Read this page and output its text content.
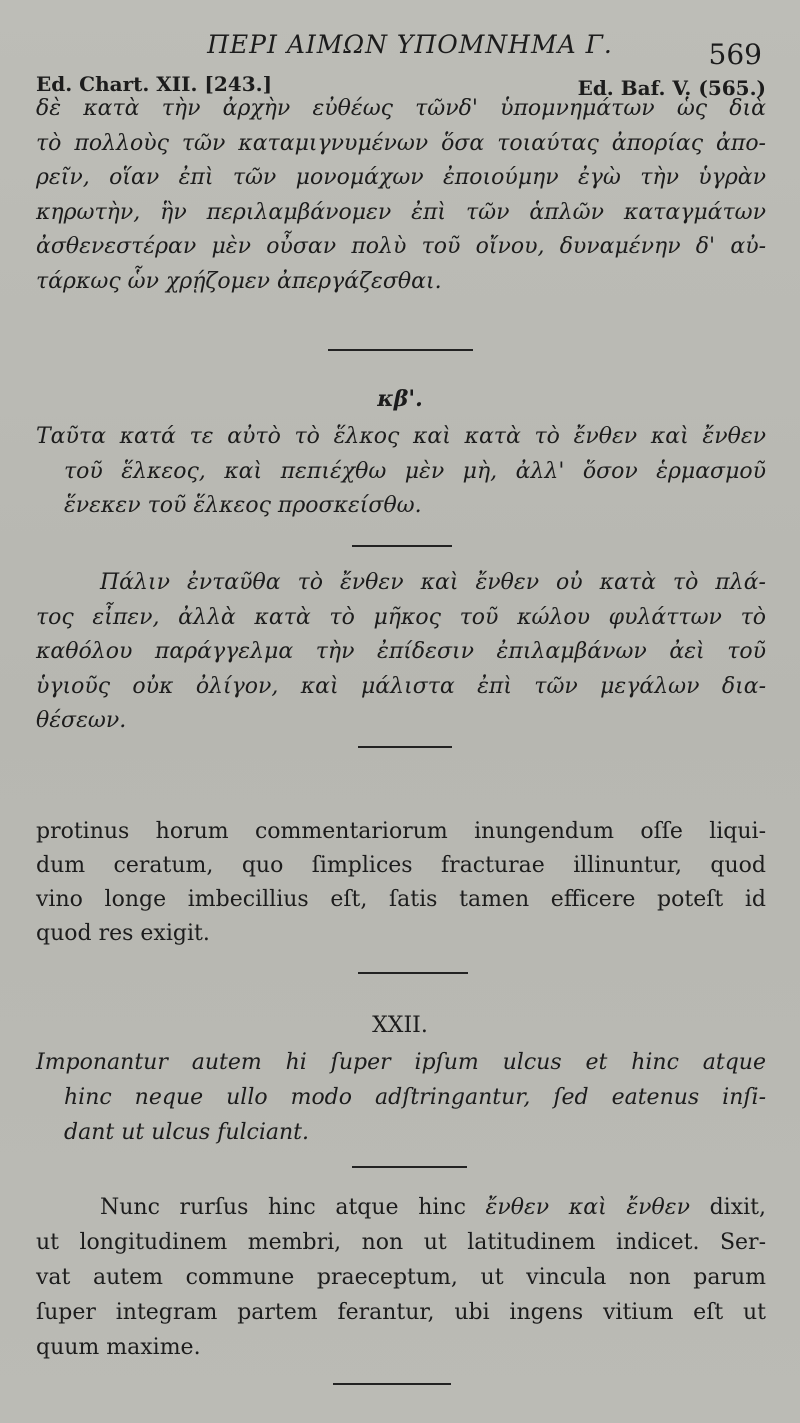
ΠΕΡΙ ΑΙΜΩΝ ΥΠΟΜΝΗΜΑ Γ.	569
Ed. Chart. XII. [243.]	Ed. Baf. V. (565.)
δὲ κατὰ τὴν ἀρχὴν εὐθέως τῶνδ' ὑπομνημάτων ὡς διὰ
τὸ πολλοὺς τῶν καταμιγνυμένων ὅσα τοιαύτας ἀπορίας ἀπο-
ρεῖν, οἵαν ἐπὶ τῶν μονομάχων ἐποιούμην ἐγὼ τὴν ὑγρὰν
κηρωτὴν, ἣν περιλαμβάνομεν ἐπὶ τῶν ἁπλῶν καταγμάτων
ἀσθενεστέραν μὲν οὖσαν πολὺ τοῦ οἴνου, δυναμένην δ' αὐ-
τάρκως ὧν χρῄζομεν ἀπεργάζεσθαι.
κβ'.
Ταῦτα κατά τε αὐτὸ τὸ ἕλκος καὶ κατὰ τὸ ἔνθεν καὶ ἔνθεν
τοῦ ἕλκεος, καὶ πεπιέχθω μὲν μὴ, ἀλλ' ὅσον ἑρμασμοῦ
ἕνεκεν τοῦ ἕλκεος προσκείσθω.
Πάλιν ἐνταῦθα τὸ ἔνθεν καὶ ἔνθεν οὐ κατὰ τὸ πλά-
τος εἶπεν, ἀλλὰ κατὰ τὸ μῆκος τοῦ κώλου φυλάττων τὸ
καθόλου παράγγελμα τὴν ἐπίδεσιν ἐπιλαμβάνων ἀεὶ τοῦ
ὑγιοῦς οὐκ ὀλίγον, καὶ μάλιστα ἐπὶ τῶν μεγάλων δια-
θέσεων.
protinus horum commentariorum inungendum oſſe liqui-
dum ceratum, quo ſimplices fracturae illinuntur, quod
vino longe imbecillius eſt, ſatis tamen efficere poteſt id
quod res exigit.
XXII.
Imponantur autem hi ſuper ipſum ulcus et hinc atque
hinc neque ullo modo adſtringantur, ſed eatenus inſi-
dant ut ulcus fulciant.
Nunc rurſus hinc atque hinc ἔνθεν καὶ ἔνθεν dixit,
ut longitudinem membri, non ut latitudinem indicet. Ser-
vat autem commune praeceptum, ut vincula non parum
ſuper integram partem ferantur, ubi ingens vitium eſt ut
quum maxime.
